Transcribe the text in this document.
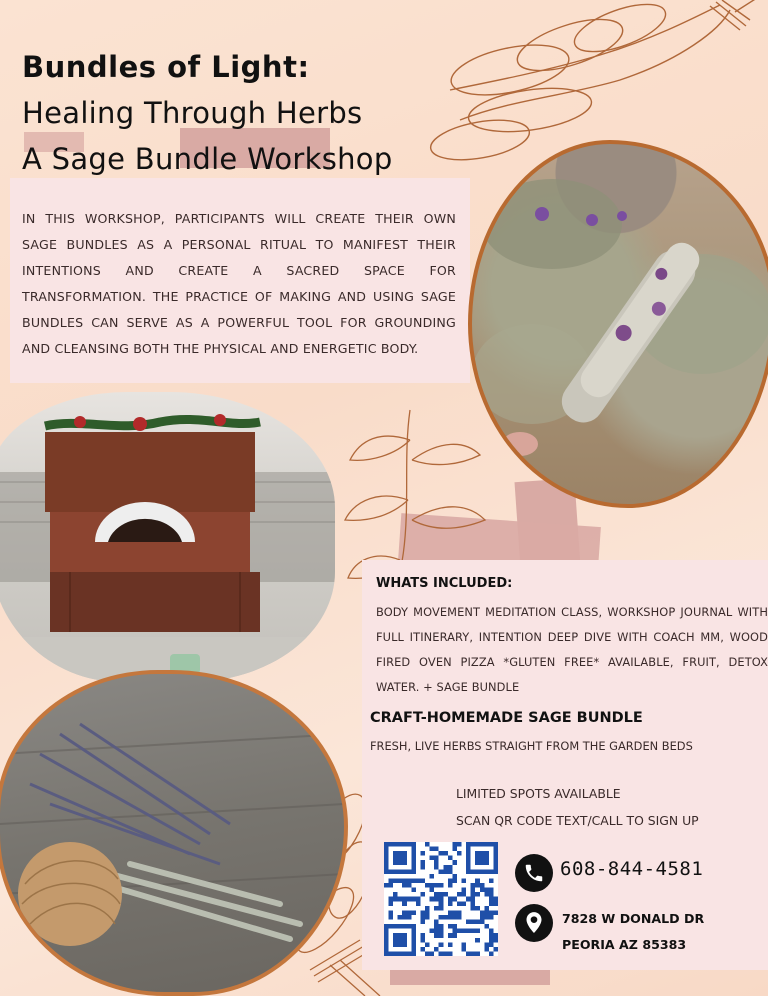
Bundles of Light:
Healing Through Herbs
A Sage Bundle Workshop
IN THIS WORKSHOP, PARTICIPANTS WILL CREATE THEIR OWN SAGE BUNDLES AS A PERSONAL RITUAL TO MANIFEST THEIR INTENTIONS AND CREATE A SACRED SPACE FOR TRANSFORMATION. THE PRACTICE OF MAKING AND USING SAGE BUNDLES CAN SERVE AS A POWERFUL TOOL FOR GROUNDING AND CLEANSING BOTH THE PHYSICAL AND ENERGETIC BODY.
WHATS INCLUDED:
BODY MOVEMENT MEDITATION CLASS, WORKSHOP JOURNAL WITH FULL ITINERARY, INTENTION DEEP DIVE WITH COACH MM, WOOD FIRED OVEN PIZZA *GLUTEN FREE* AVAILABLE, FRUIT, DETOX WATER. + SAGE BUNDLE
CRAFT-HOMEMADE SAGE BUNDLE
FRESH, LIVE HERBS STRAIGHT FROM THE GARDEN BEDS
LIMITED SPOTS AVAILABLE
SCAN QR CODE TEXT/CALL TO SIGN UP
608-844-4581
7828 W DONALD DR
PEORIA AZ 85383
